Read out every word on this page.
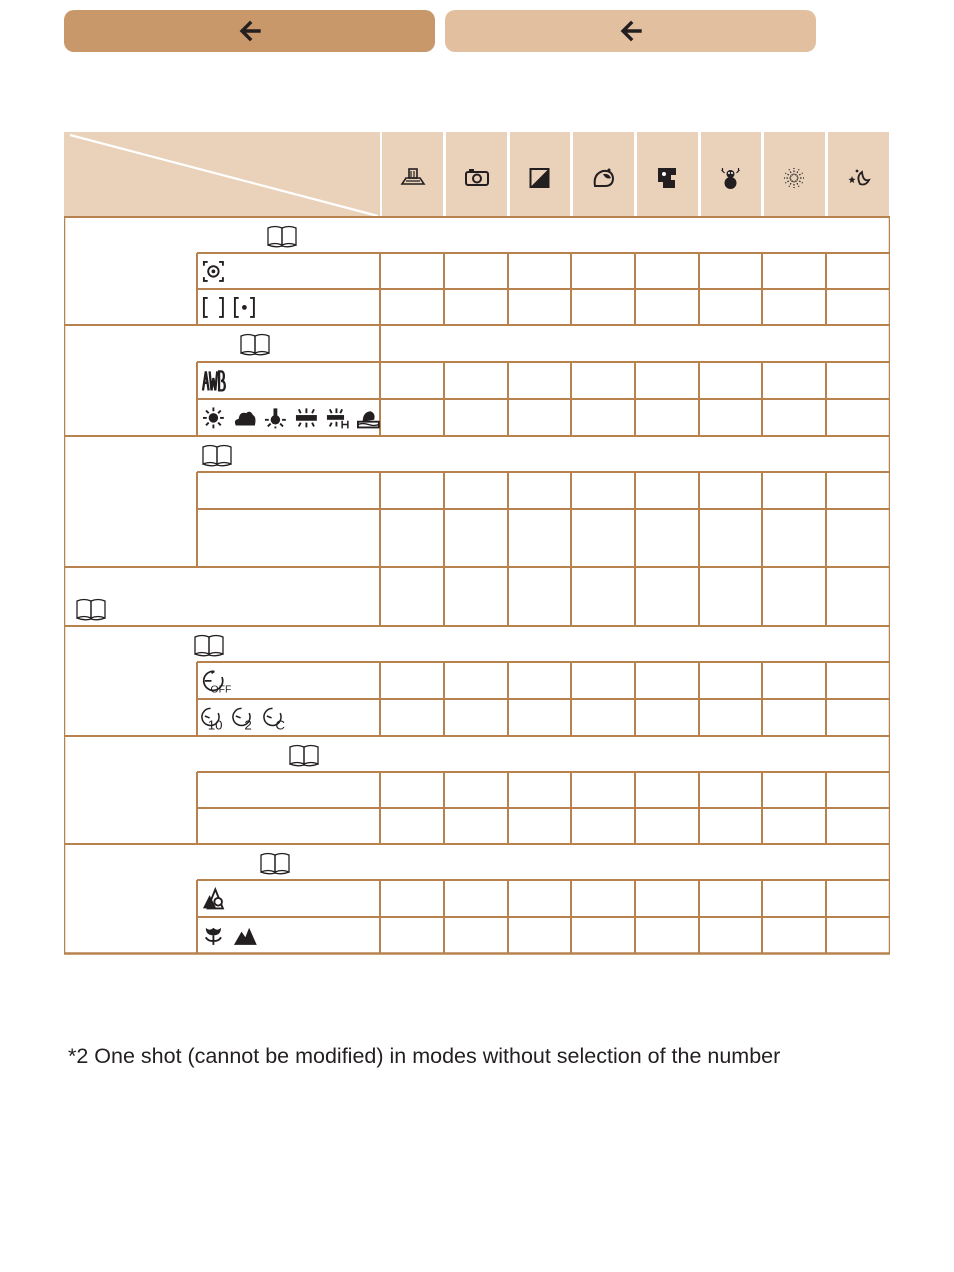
OFF
10 2 C
*2 One shot (cannot be modified) in modes without selection of the number
